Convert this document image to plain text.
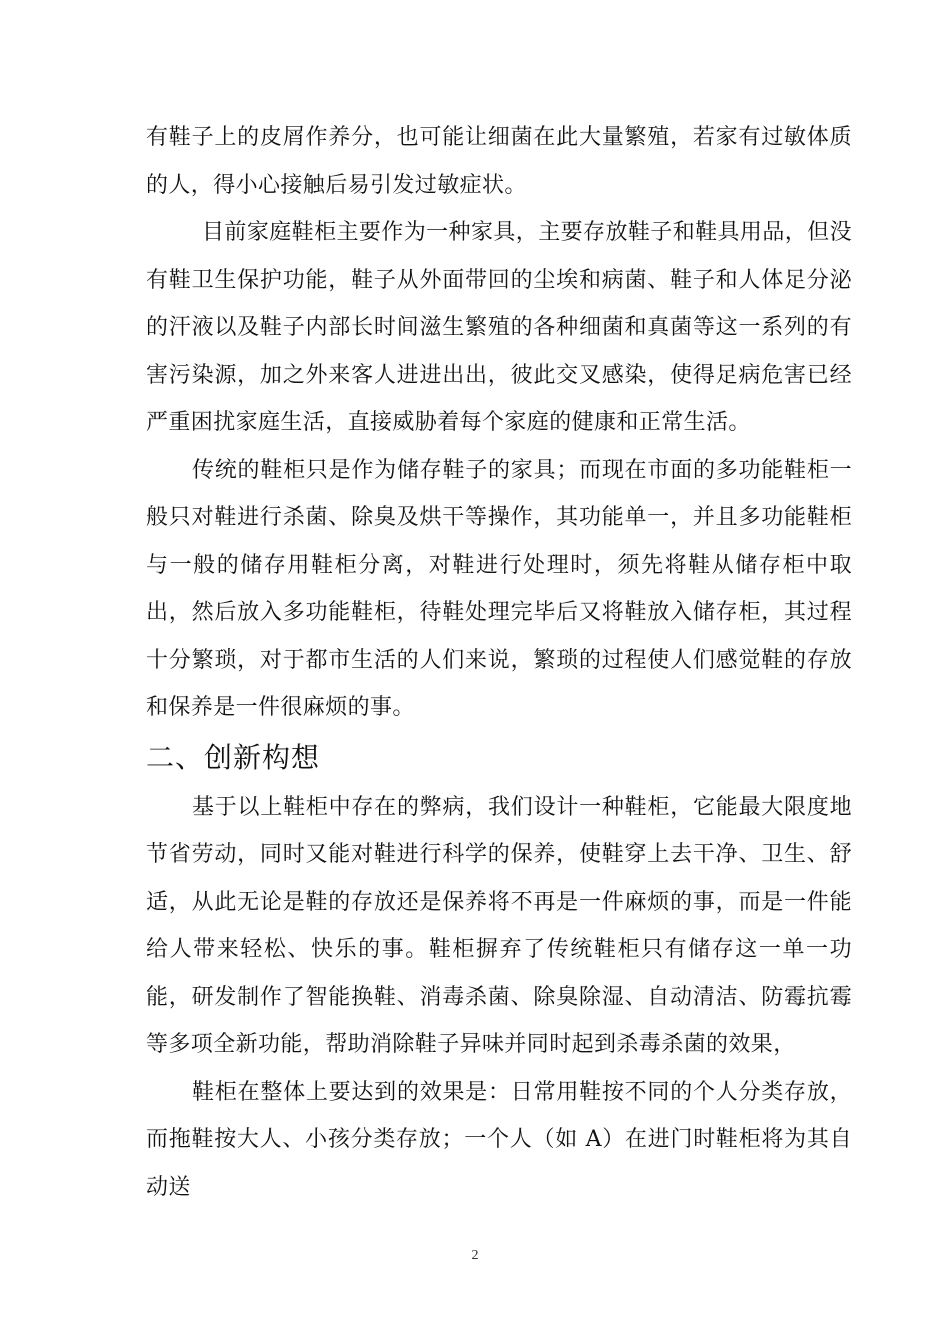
有鞋子上的皮屑作养分，也可能让细菌在此大量繁殖，若家有过敏体质的人，得小心接触后易引发过敏症状。

目前家庭鞋柜主要作为一种家具，主要存放鞋子和鞋具用品，但没有鞋卫生保护功能，鞋子从外面带回的尘埃和病菌、鞋子和人体足分泌的汗液以及鞋子内部长时间滋生繁殖的各种细菌和真菌等这一系列的有害污染源，加之外来客人进进出出，彼此交叉感染，使得足病危害已经严重困扰家庭生活，直接威胁着每个家庭的健康和正常生活。

传统的鞋柜只是作为储存鞋子的家具；而现在市面的多功能鞋柜一般只对鞋进行杀菌、除臭及烘干等操作，其功能单一，并且多功能鞋柜与一般的储存用鞋柜分离，对鞋进行处理时，须先将鞋从储存柜中取出，然后放入多功能鞋柜，待鞋处理完毕后又将鞋放入储存柜，其过程十分繁琐，对于都市生活的人们来说，繁琐的过程使人们感觉鞋的存放和保养是一件很麻烦的事。

二、创新构想

基于以上鞋柜中存在的弊病，我们设计一种鞋柜，它能最大限度地节省劳动，同时又能对鞋进行科学的保养，使鞋穿上去干净、卫生、舒适，从此无论是鞋的存放还是保养将不再是一件麻烦的事，而是一件能给人带来轻松、快乐的事。鞋柜摒弃了传统鞋柜只有储存这一单一功能，研发制作了智能换鞋、消毒杀菌、除臭除湿、自动清洁、防霉抗霉等多项全新功能，帮助消除鞋子异味并同时起到杀毒杀菌的效果，

鞋柜在整体上要达到的效果是：日常用鞋按不同的个人分类存放，而拖鞋按大人、小孩分类存放；一个人（如 A）在进门时鞋柜将为其自动送

2
